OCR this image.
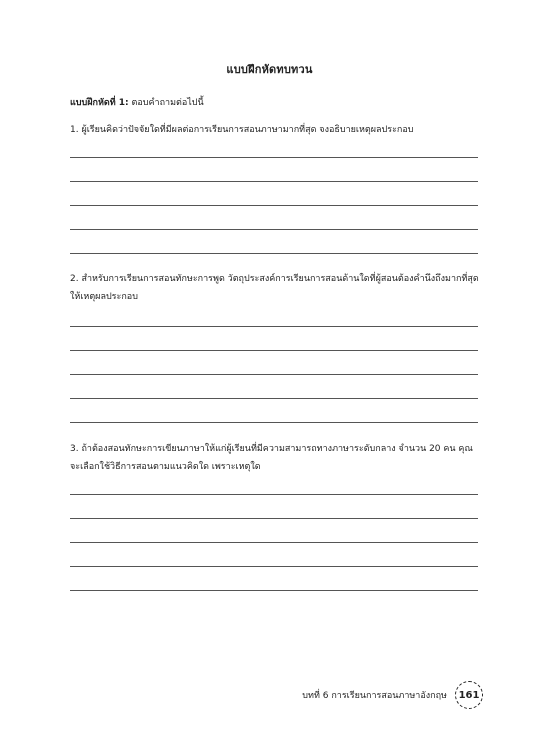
แบบฝึกหัดทบทวน
แบบฝึกหัดที่ 1: ตอบคำถามต่อไปนี้
1. ผู้เรียนคิดว่าปัจจัยใดที่มีผลต่อการเรียนการสอนภาษามากที่สุด จงอธิบายเหตุผลประกอบ
2. สำหรับการเรียนการสอนทักษะการพูด วัตถุประสงค์การเรียนการสอนด้านใดที่ผู้สอนต้องคำนึงถึงมากที่สุด ให้เหตุผลประกอบ
3. ถ้าต้องสอนทักษะการเขียนภาษาให้แก่ผู้เรียนที่มีความสามารถทางภาษาระดับกลาง จำนวน 20 คน คุณจะเลือกใช้วิธีการสอนตามแนวคิดใด เพราะเหตุใด
บทที่ 6 การเรียนการสอนภาษาอังกฤษ	161
